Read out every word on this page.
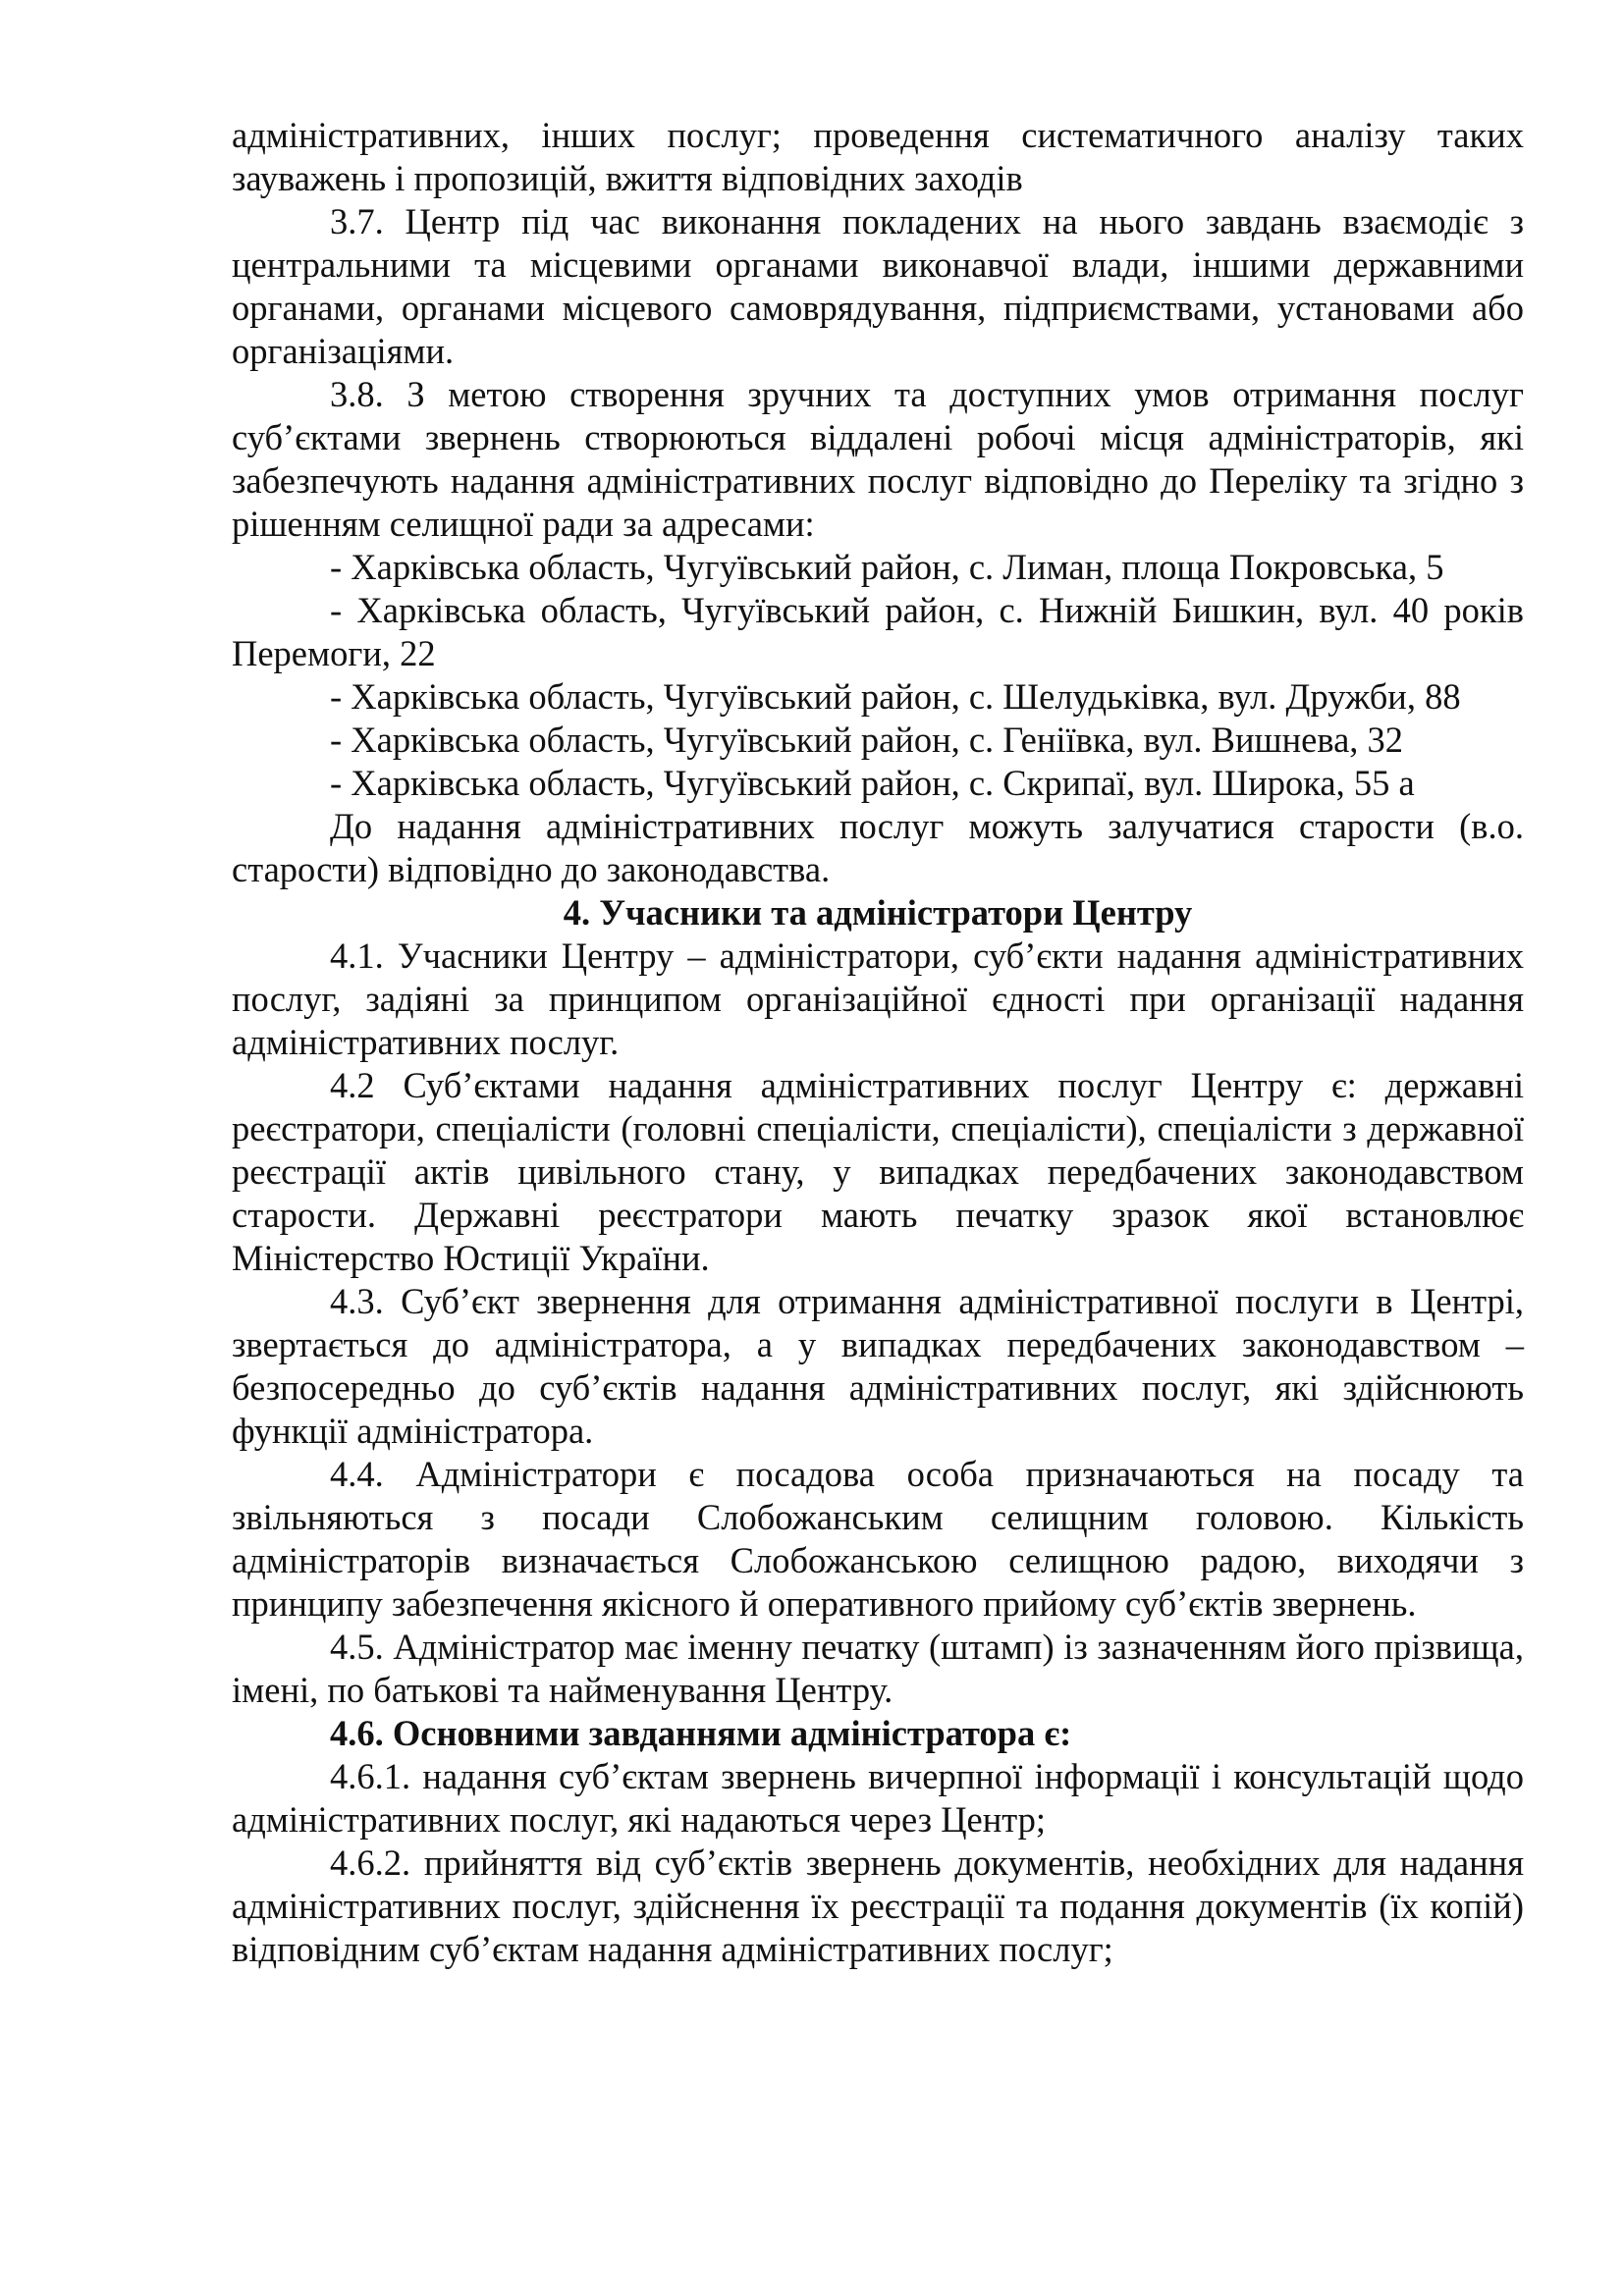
адміністративних, інших послуг; проведення систематичного аналізу таких зауважень і пропозицій, вжиття відповідних заходів

3.7. Центр під час виконання покладених на нього завдань взаємодіє з центральними та місцевими органами виконавчої влади, іншими державними органами, органами місцевого самоврядування, підприємствами, установами або організаціями.

3.8. З метою створення зручних та доступних умов отримання послуг суб’єктами звернень створюються віддалені робочі місця адміністраторів, які забезпечують надання адміністративних послуг відповідно до Переліку та згідно з рішенням селищної ради за адресами:

- Харківська область, Чугуївський район, с. Лиман, площа Покровська, 5

- Харківська область, Чугуївський район, с. Нижній Бишкин, вул. 40 років Перемоги, 22

- Харківська область, Чугуївський район, с. Шелудьківка, вул. Дружби, 88

- Харківська область, Чугуївський район, с. Геніївка, вул. Вишнева, 32

- Харківська область, Чугуївський район, с. Скрипаї, вул. Широка, 55 а

До надання адміністративних послуг можуть залучатися старости (в.о. старости) відповідно до законодавства.

4. Учасники та адміністратори Центру

4.1. Учасники Центру – адміністратори, суб’єкти надання адміністративних послуг, задіяні за принципом організаційної єдності при організації надання адміністративних послуг.

4.2 Суб’єктами надання адміністративних послуг Центру є: державні реєстратори, спеціалісти (головні спеціалісти, спеціалісти), спеціалісти з державної реєстрації актів цивільного стану, у випадках передбачених законодавством старости. Державні реєстратори мають печатку зразок якої встановлює Міністерство Юстиції України.

4.3. Суб’єкт звернення для отримання адміністративної послуги в Центрі, звертається до адміністратора, а у випадках передбачених законодавством – безпосередньо до суб’єктів надання адміністративних послуг, які здійснюють функції адміністратора.

4.4. Адміністратори є посадова особа призначаються на посаду та звільняються з посади Слобожанським селищним головою. Кількість адміністраторів визначається Слобожанською селищною радою, виходячи з принципу забезпечення якісного й оперативного прийому суб’єктів звернень.

4.5. Адміністратор має іменну печатку (штамп) із зазначенням його прізвища, імені, по батькові та найменування Центру.

4.6. Основними завданнями адміністратора є:

4.6.1. надання суб’єктам звернень вичерпної інформації і консультацій щодо адміністративних послуг, які надаються через Центр;

4.6.2. прийняття від суб’єктів звернень документів, необхідних для надання адміністративних послуг, здійснення їх реєстрації та подання документів (їх копій) відповідним суб’єктам надання адміністративних послуг;
